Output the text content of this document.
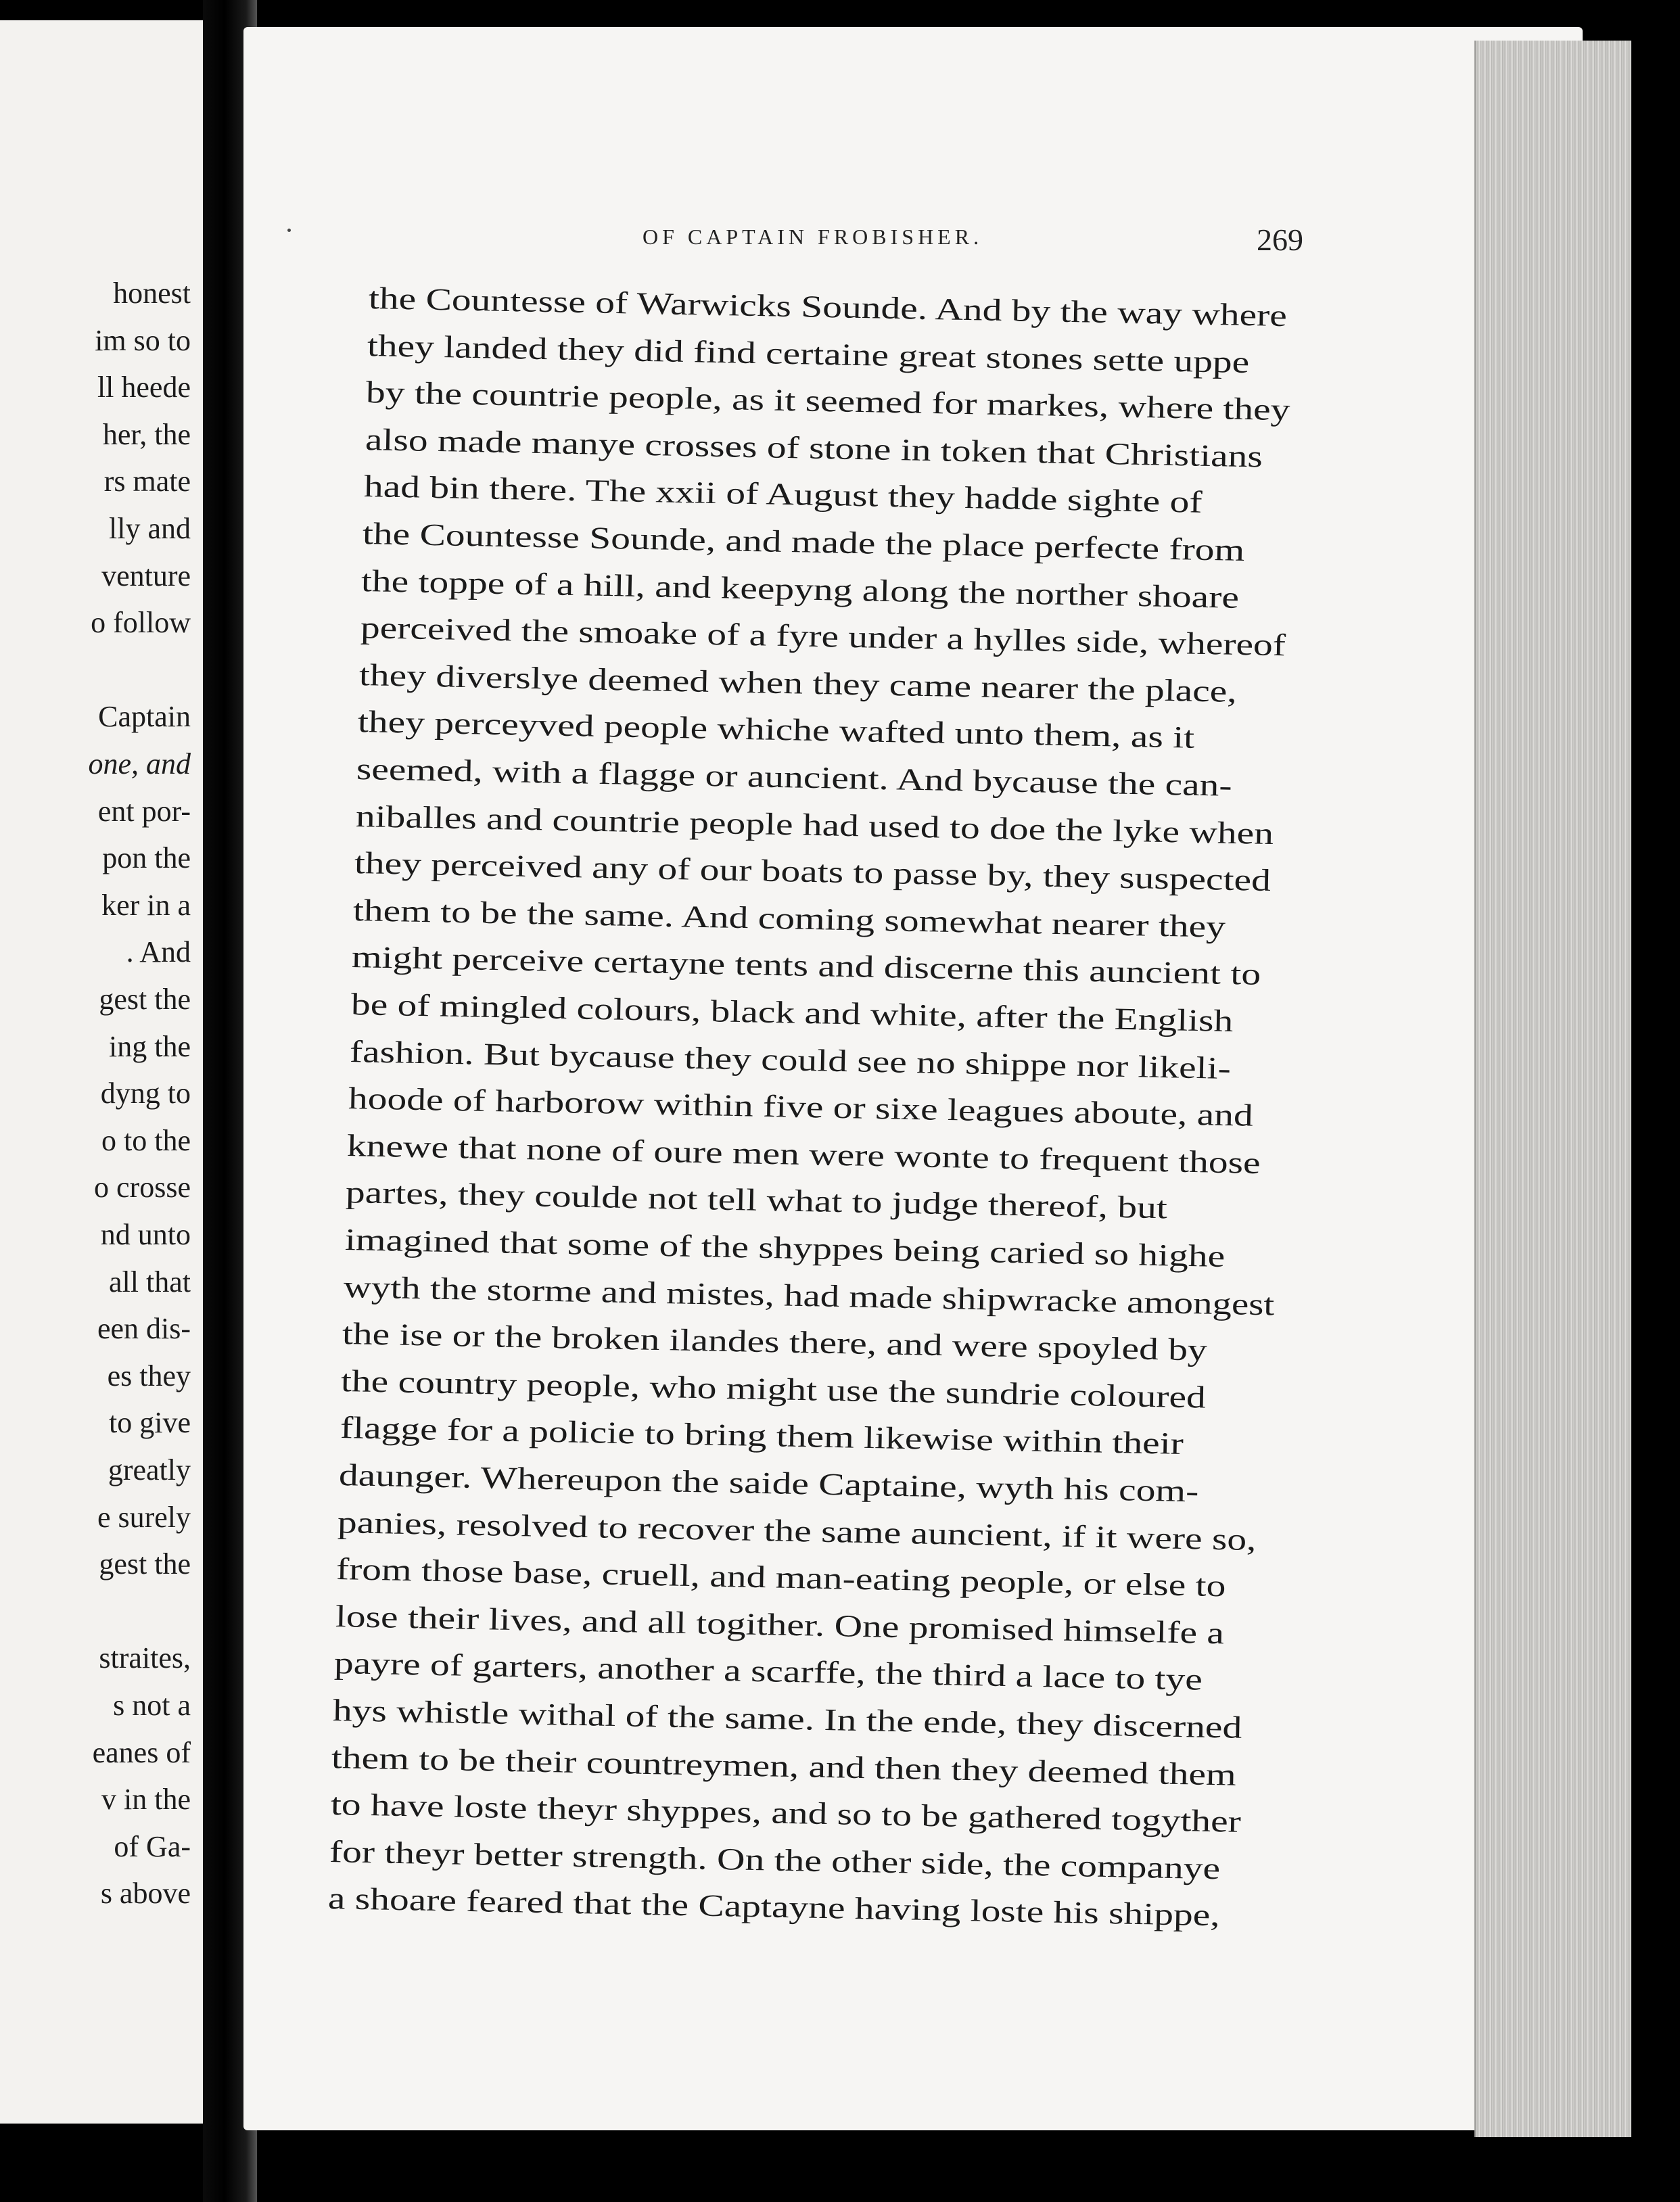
honest
im so to
ll heede
her, the
rs mate
lly and
venture
o follow
Captain
one, and
ent por-
pon the
ker in a
. And
gest the
ing the
dyng to
o to the
o crosse
nd unto
all that
een dis-
es they
to give
greatly
e surely
gest the
straites,
s not a
eanes of
v in the
of Ga-
s above
OF CAPTAIN FROBISHER.	269
the Countesse of Warwicks Sounde. And by the way where
they landed they did find certaine great stones sette uppe
by the countrie people, as it seemed for markes, where they
also made manye crosses of stone in token that Christians
had bin there. The xxii of August they hadde sighte of
the Countesse Sounde, and made the place perfecte from
the toppe of a hill, and keepyng along the norther shoare
perceived the smoake of a fyre under a hylles side, whereof
they diverslye deemed when they came nearer the place,
they perceyved people whiche wafted unto them, as it
seemed, with a flagge or auncient. And bycause the can-
niballes and countrie people had used to doe the lyke when
they perceived any of our boats to passe by, they suspected
them to be the same. And coming somewhat nearer they
might perceive certayne tents and discerne this auncient to
be of mingled colours, black and white, after the English
fashion. But bycause they could see no shippe nor likeli-
hoode of harborow within five or sixe leagues aboute, and
knewe that none of oure men were wonte to frequent those
partes, they coulde not tell what to judge thereof, but
imagined that some of the shyppes being caried so highe
wyth the storme and mistes, had made shipwracke amongest
the ise or the broken ilandes there, and were spoyled by
the country people, who might use the sundrie coloured
flagge for a policie to bring them likewise within their
daunger. Whereupon the saide Captaine, wyth his com-
panies, resolved to recover the same auncient, if it were so,
from those base, cruell, and man-eating people, or else to
lose their lives, and all togither. One promised himselfe a
payre of garters, another a scarffe, the third a lace to tye
hys whistle withal of the same. In the ende, they discerned
them to be their countreymen, and then they deemed them
to have loste theyr shyppes, and so to be gathered togyther
for theyr better strength. On the other side, the companye
a shoare feared that the Captayne having loste his shippe,
